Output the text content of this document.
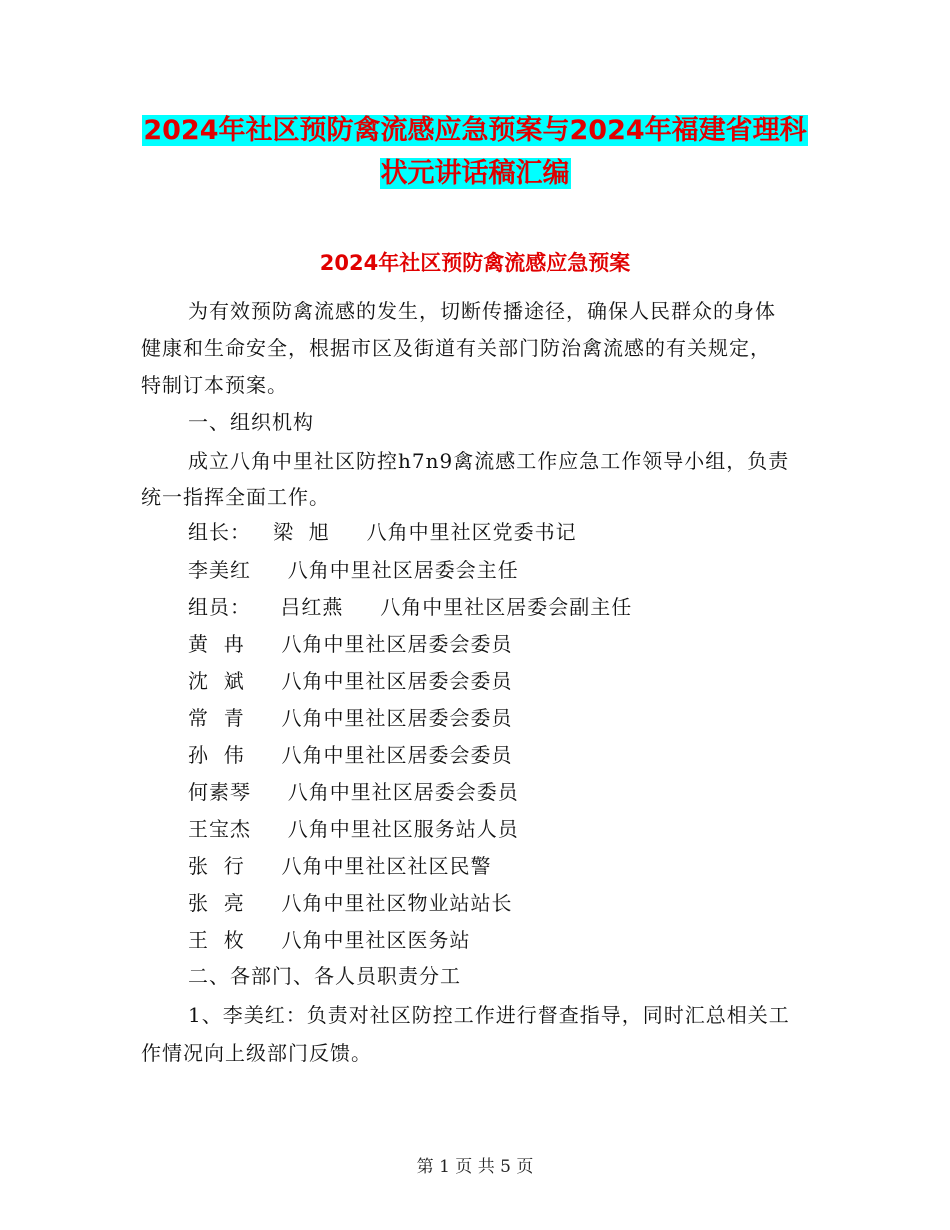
2024年社区预防禽流感应急预案与2024年福建省理科
状元讲话稿汇编
2024年社区预防禽流感应急预案
为有效预防禽流感的发生，切断传播途径，确保人民群众的身体
健康和生命安全，根据市区及街道有关部门防治禽流感的有关规定，
特制订本预案。
一、组织机构
成立八角中里社区防控h7n9禽流感工作应急工作领导小组，负责
统一指挥全面工作。
组长：   梁  旭     八角中里社区党委书记
李美红     八角中里社区居委会主任
组员：    吕红燕     八角中里社区居委会副主任
黄  冉     八角中里社区居委会委员
沈  斌     八角中里社区居委会委员
常  青     八角中里社区居委会委员
孙  伟     八角中里社区居委会委员
何素琴     八角中里社区居委会委员
王宝杰     八角中里社区服务站人员
张  行     八角中里社区社区民警
张  亮     八角中里社区物业站站长
王  枚     八角中里社区医务站
二、各部门、各人员职责分工
1、李美红：负责对社区防控工作进行督查指导，同时汇总相关工
作情况向上级部门反馈。
第 1 页 共 5 页
